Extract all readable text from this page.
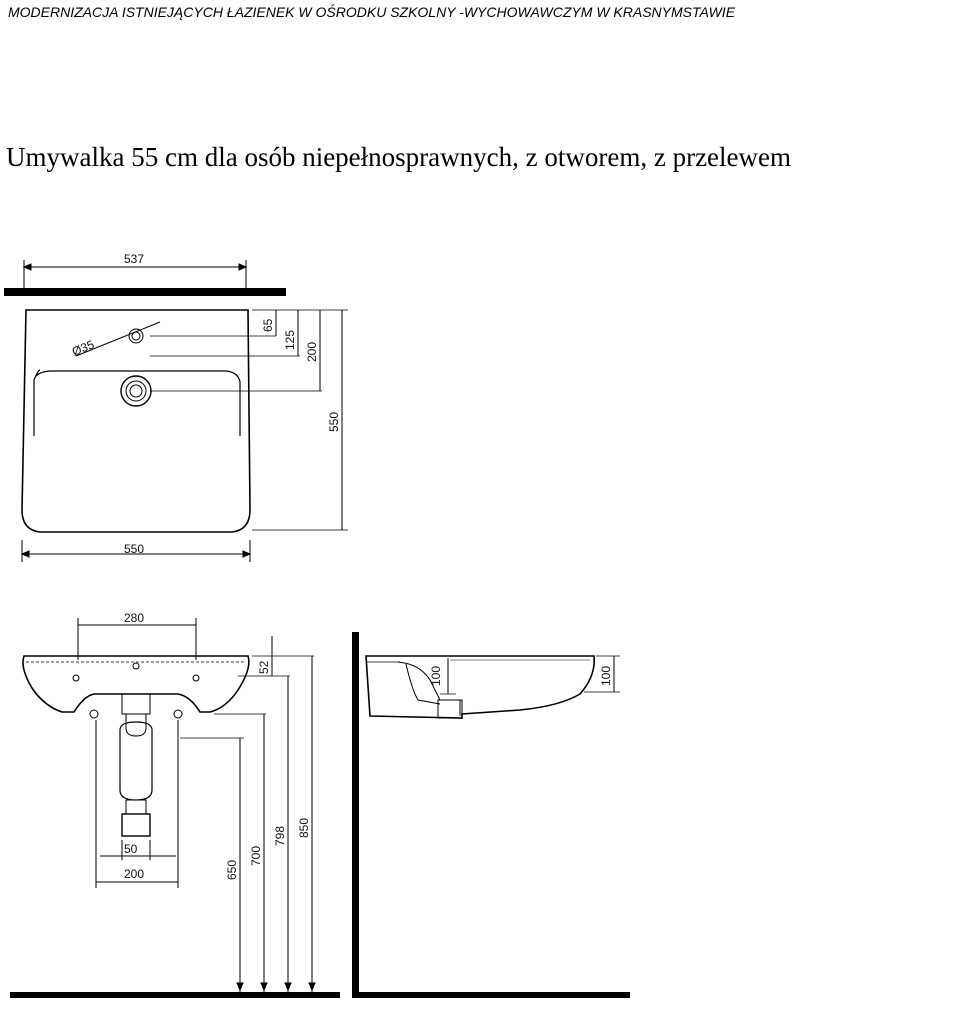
MODERNIZACJA ISTNIEJĄCYCH ŁAZIENEK W OŚRODKU SZKOLNY -WYCHOWAWCZYM W KRASNYMSTAWIE
Umywalka 55 cm dla osób niepełnosprawnych, z otworem, z przelewem
537
Ø35
65
125
200
550
550
280
52
50
200	650
700
798 850
100	100
